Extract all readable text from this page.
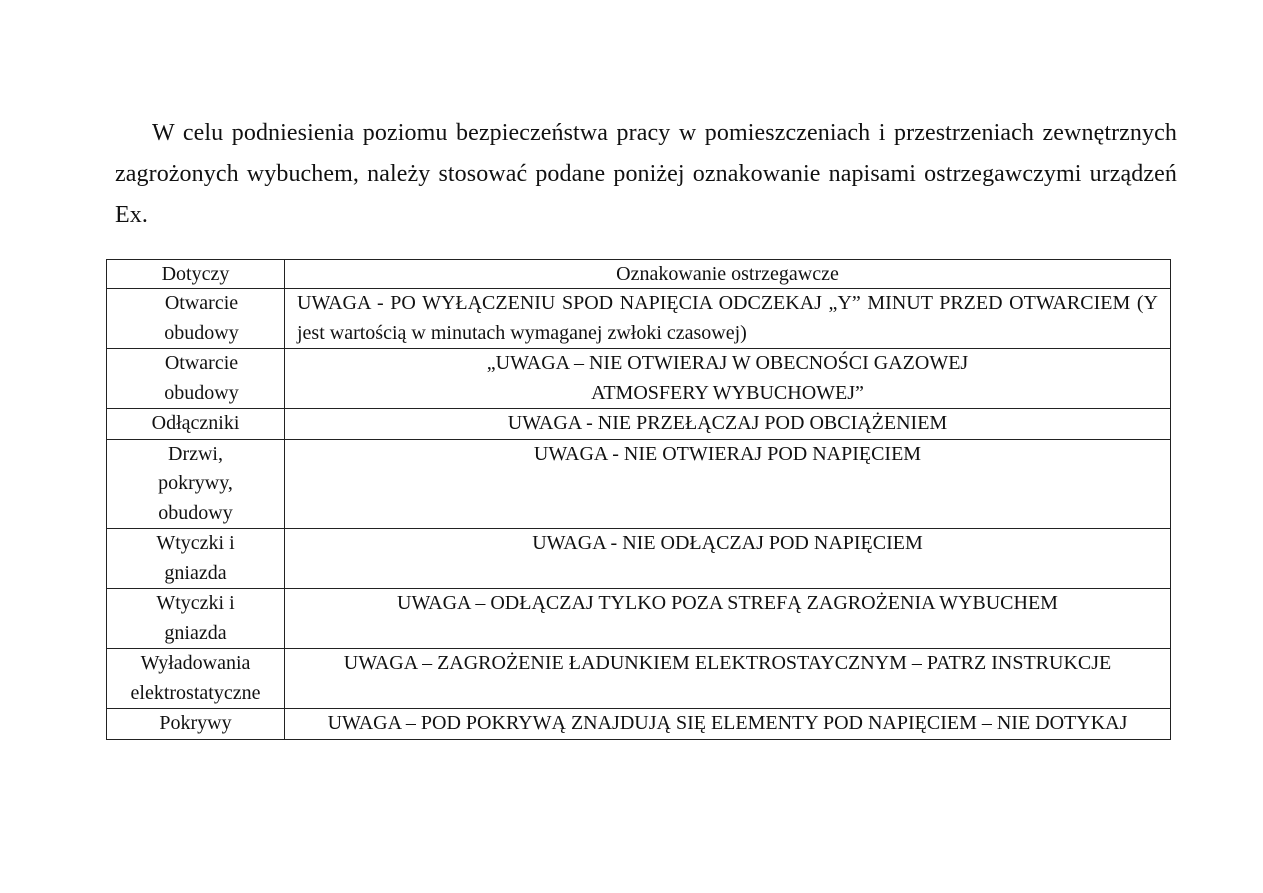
W celu podniesienia poziomu bezpieczeństwa pracy w pomieszczeniach i przestrzeniach zewnętrznych zagrożonych wybuchem, należy stosować podane poniżej oznakowanie napisami ostrzegawczymi urządzeń Ex.

Dotyczy	Oznakowanie ostrzegawcze
Otwarcie obudowy	UWAGA - PO WYŁĄCZENIU SPOD NAPIĘCIA ODCZEKAJ „Y” MINUT PRZED OTWARCIEM (Y jest wartością w minutach wymaganej zwłoki czasowej)
Otwarcie obudowy	„UWAGA – NIE OTWIERAJ W OBECNOŚCI GAZOWEJ ATMOSFERY WYBUCHOWEJ”
Odłączniki	UWAGA - NIE PRZEŁĄCZAJ POD OBCIĄŻENIEM
Drzwi, pokrywy, obudowy	UWAGA - NIE OTWIERAJ POD NAPIĘCIEM
Wtyczki i gniazda	UWAGA - NIE ODŁĄCZAJ POD NAPIĘCIEM
Wtyczki i gniazda	UWAGA – ODŁĄCZAJ TYLKO POZA STREFĄ ZAGROŻENIA WYBUCHEM
Wyładowania elektrostatyczne	UWAGA – ZAGROŻENIE ŁADUNKIEM ELEKTROSTAYCZNYM – PATRZ INSTRUKCJE
Pokrywy	UWAGA – POD POKRYWĄ ZNAJDUJĄ SIĘ ELEMENTY POD NAPIĘCIEM – NIE DOTYKAJ
